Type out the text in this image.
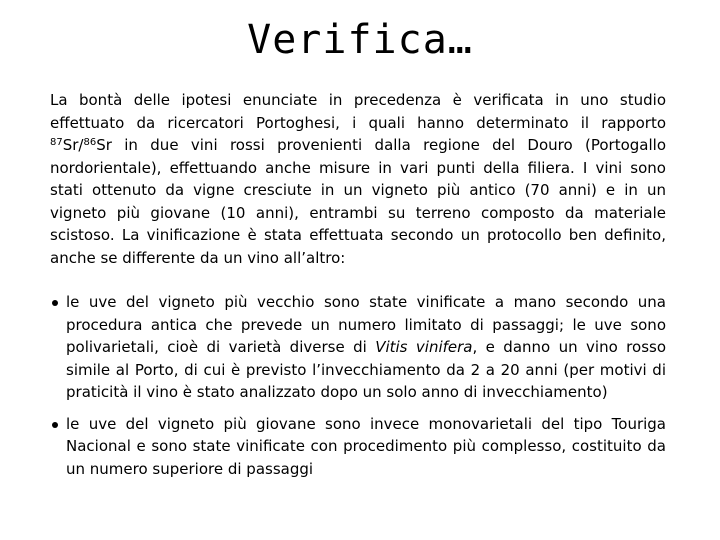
Verifica…

La bontà delle ipotesi enunciate in precedenza è verificata in uno studio effettuato da ricercatori Portoghesi, i quali hanno determinato il rapporto $^{87}$Sr/$^{86}$Sr in due vini rossi provenienti dalla regione del Douro (Portogallo nordorientale), effettuando anche misure in vari punti della filiera. I vini sono stati ottenuto da vigne cresciute in un vigneto più antico (70 anni) e in un vigneto più giovane (10 anni), entrambi su terreno composto da materiale scistoso. La vinificazione è stata effettuata secondo un protocollo ben definito, anche se differente da un vino all’altro:

le uve del vigneto più vecchio sono state vinificate a mano secondo una procedura antica che prevede un numero limitato di passaggi; le uve sono polivarietali, cioè di varietà diverse di Vitis vinifera, e danno un vino rosso simile al Porto, di cui è previsto l’invecchiamento da 2 a 20 anni (per motivi di praticità il vino è stato analizzato dopo un solo anno di invecchiamento)
le uve del vigneto più giovane sono invece monovarietali del tipo Touriga Nacional e sono state vinificate con procedimento più complesso, costituito da un numero superiore di passaggi
